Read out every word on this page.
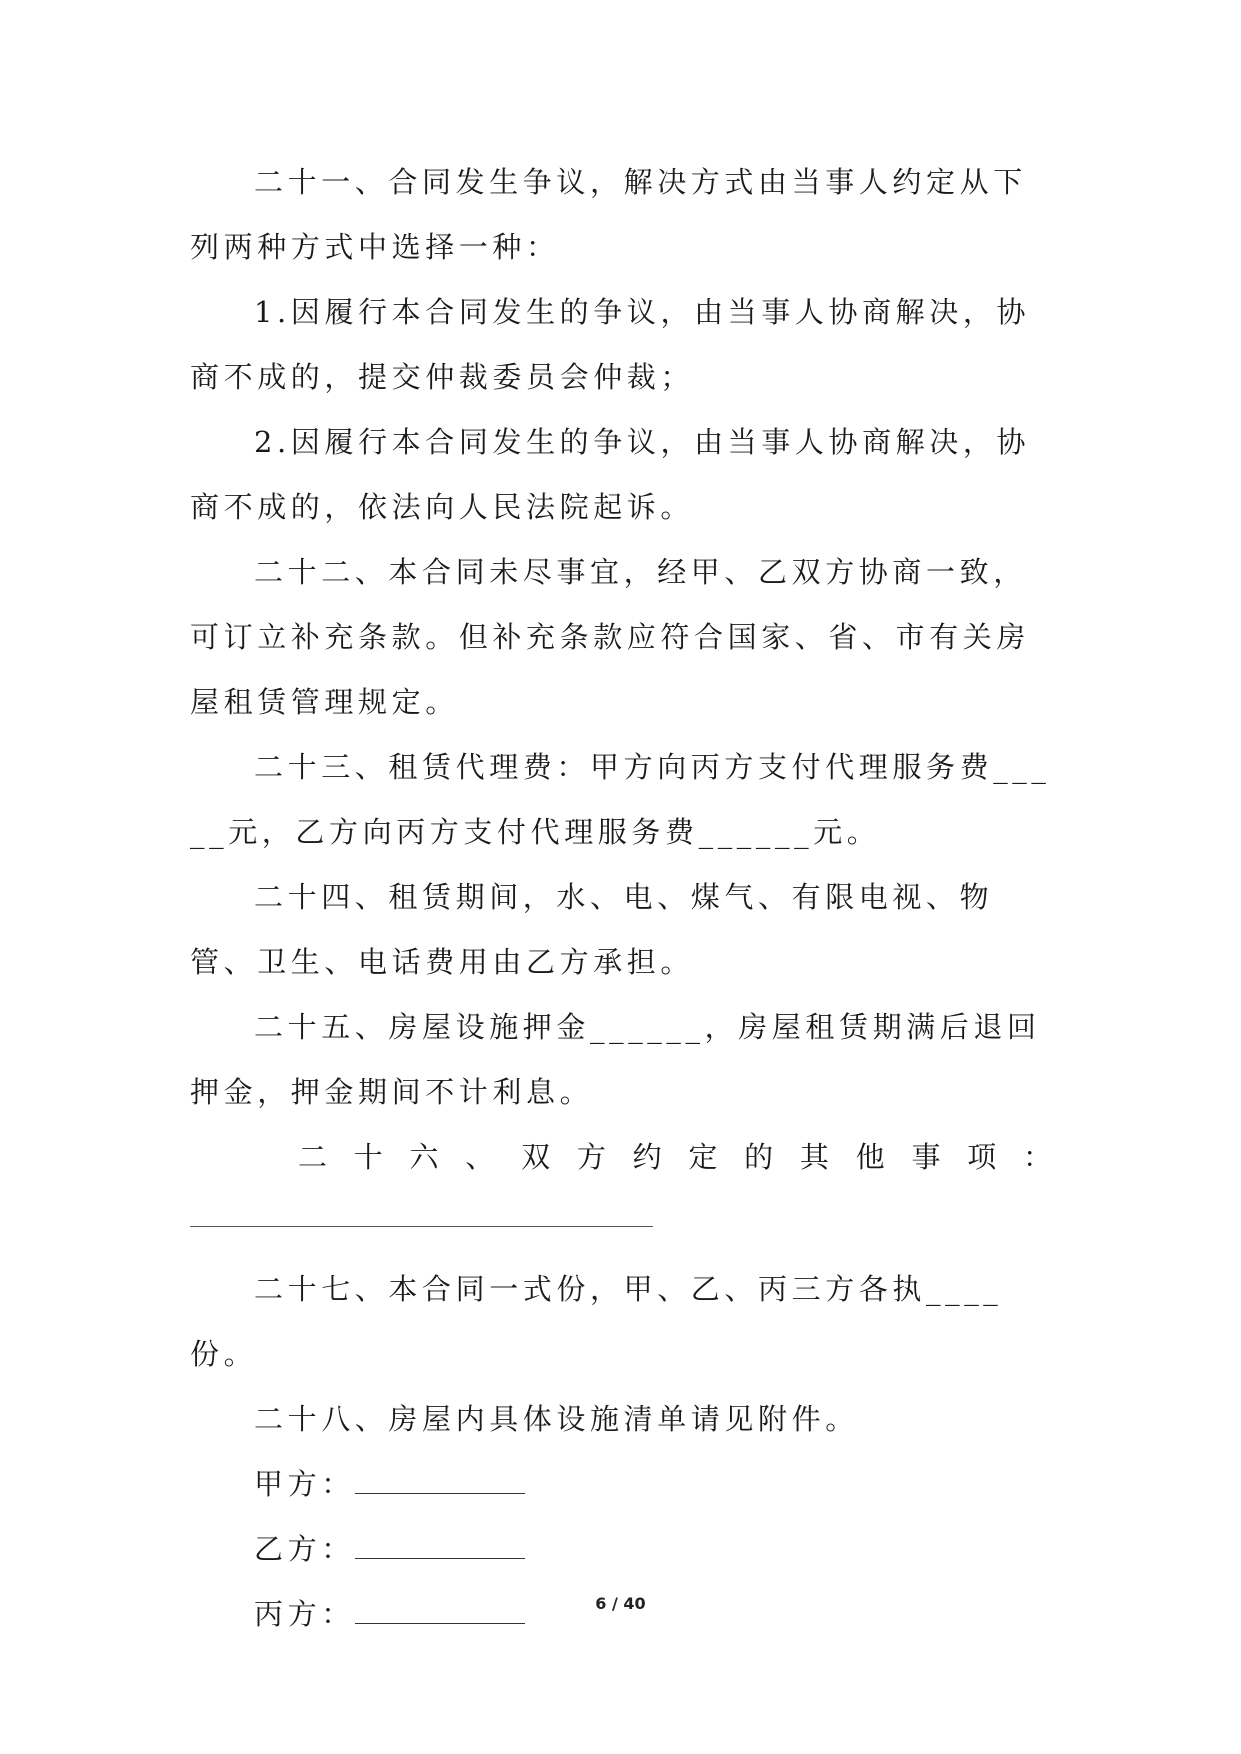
二十一、合同发生争议，解决方式由当事人约定从下列两种方式中选择一种：

1.因履行本合同发生的争议，由当事人协商解决，协商不成的，提交仲裁委员会仲裁；

2.因履行本合同发生的争议，由当事人协商解决，协商不成的，依法向人民法院起诉。

二十二、本合同未尽事宜，经甲、乙双方协商一致，可订立补充条款。但补充条款应符合国家、省、市有关房屋租赁管理规定。

二十三、租赁代理费：甲方向丙方支付代理服务费_____元，乙方向丙方支付代理服务费______元。

二十四、租赁期间，水、电、煤气、有限电视、物管、卫生、电话费用由乙方承担。

二十五、房屋设施押金______，房屋租赁期满后退回押金，押金期间不计利息。

二十六、双方约定的其他事项：

二十七、本合同一式份，甲、乙、丙三方各执____份。

二十八、房屋内具体设施清单请见附件。

甲方：

乙方：

丙方：	6 / 40
